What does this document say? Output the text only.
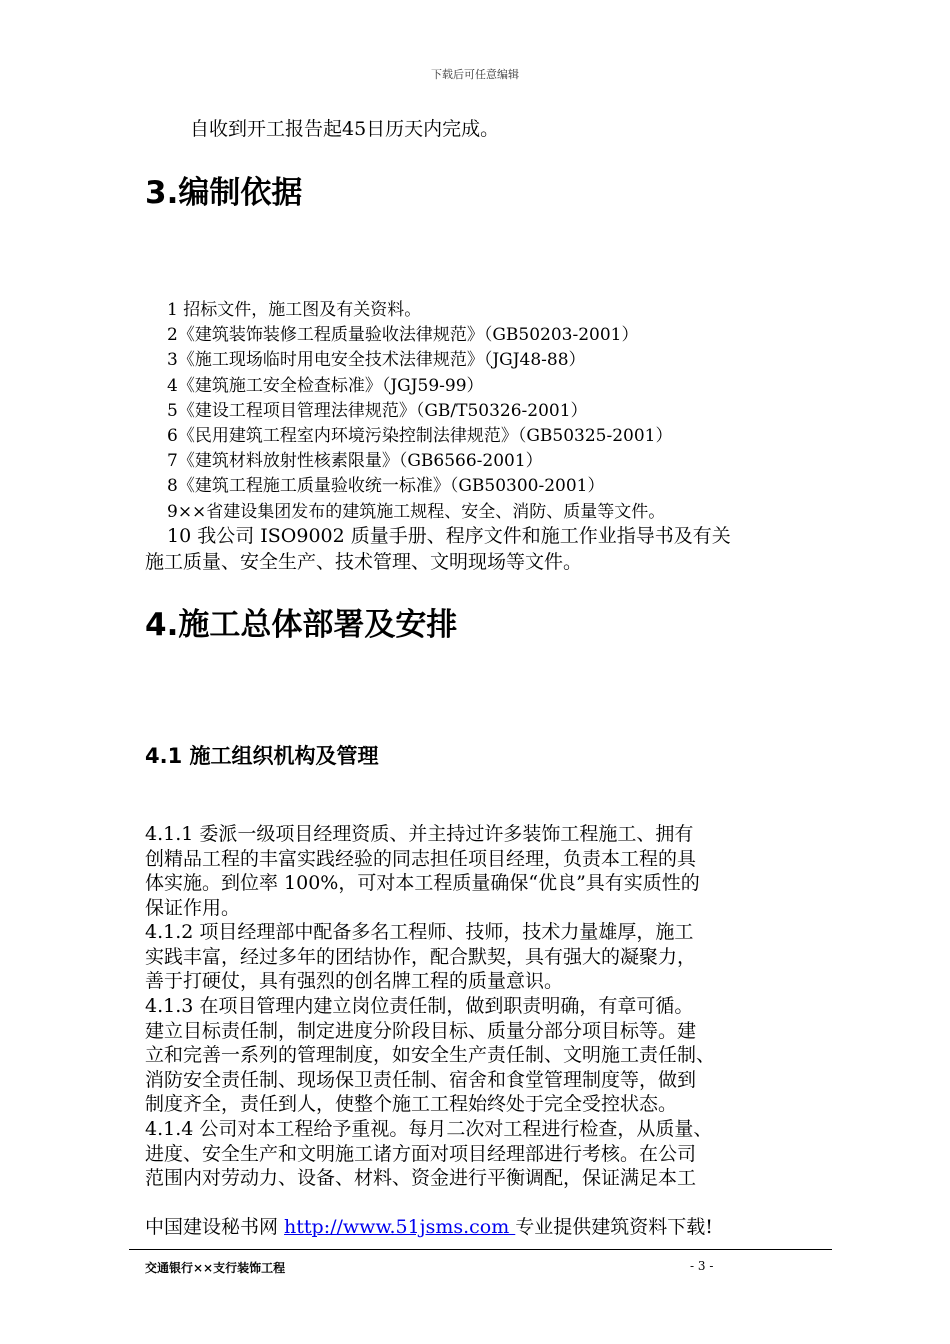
下载后可任意编辑
自收到开工报告起45日历天内完成。
3.编制依据
1 招标文件，施工图及有关资料。
2《建筑装饰装修工程质量验收法律规范》（GB50203-2001）
3《施工现场临时用电安全技术法律规范》（JGJ48-88）
4《建筑施工安全检查标准》（JGJ59-99）
5《建设工程项目管理法律规范》（GB/T50326-2001）
6《民用建筑工程室内环境污染控制法律规范》（GB50325-2001）
7《建筑材料放射性核素限量》（GB6566-2001）
8《建筑工程施工质量验收统一标准》（GB50300-2001）
9××省建设集团发布的建筑施工规程、安全、消防、质量等文件。
10 我公司 ISO9002 质量手册、程序文件和施工作业指导书及有关
施工质量、安全生产、技术管理、文明现场等文件。
4.施工总体部署及安排
4.1 施工组织机构及管理
4.1.1 委派一级项目经理资质、并主持过许多装饰工程施工、拥有
创精品工程的丰富实践经验的同志担任项目经理，负责本工程的具
体实施。到位率 100%，可对本工程质量确保“优良”具有实质性的
保证作用。
4.1.2 项目经理部中配备多名工程师、技师，技术力量雄厚，施工
实践丰富，经过多年的团结协作，配合默契，具有强大的凝聚力，
善于打硬仗，具有强烈的创名牌工程的质量意识。
4.1.3 在项目管理内建立岗位责任制，做到职责明确，有章可循。
建立目标责任制，制定进度分阶段目标、质量分部分项目标等。建
立和完善一系列的管理制度，如安全生产责任制、文明施工责任制、
消防安全责任制、现场保卫责任制、宿舍和食堂管理制度等，做到
制度齐全，责任到人，使整个施工工程始终处于完全受控状态。
4.1.4 公司对本工程给予重视。每月二次对工程进行检查，从质量、
进度、安全生产和文明施工诸方面对项目经理部进行考核。在公司
范围内对劳动力、设备、材料、资金进行平衡调配，保证满足本工
中国建设秘书网 http://www.51jsms.com 专业提供建筑资料下载!
交通银行××支行装饰工程	- 3 -
